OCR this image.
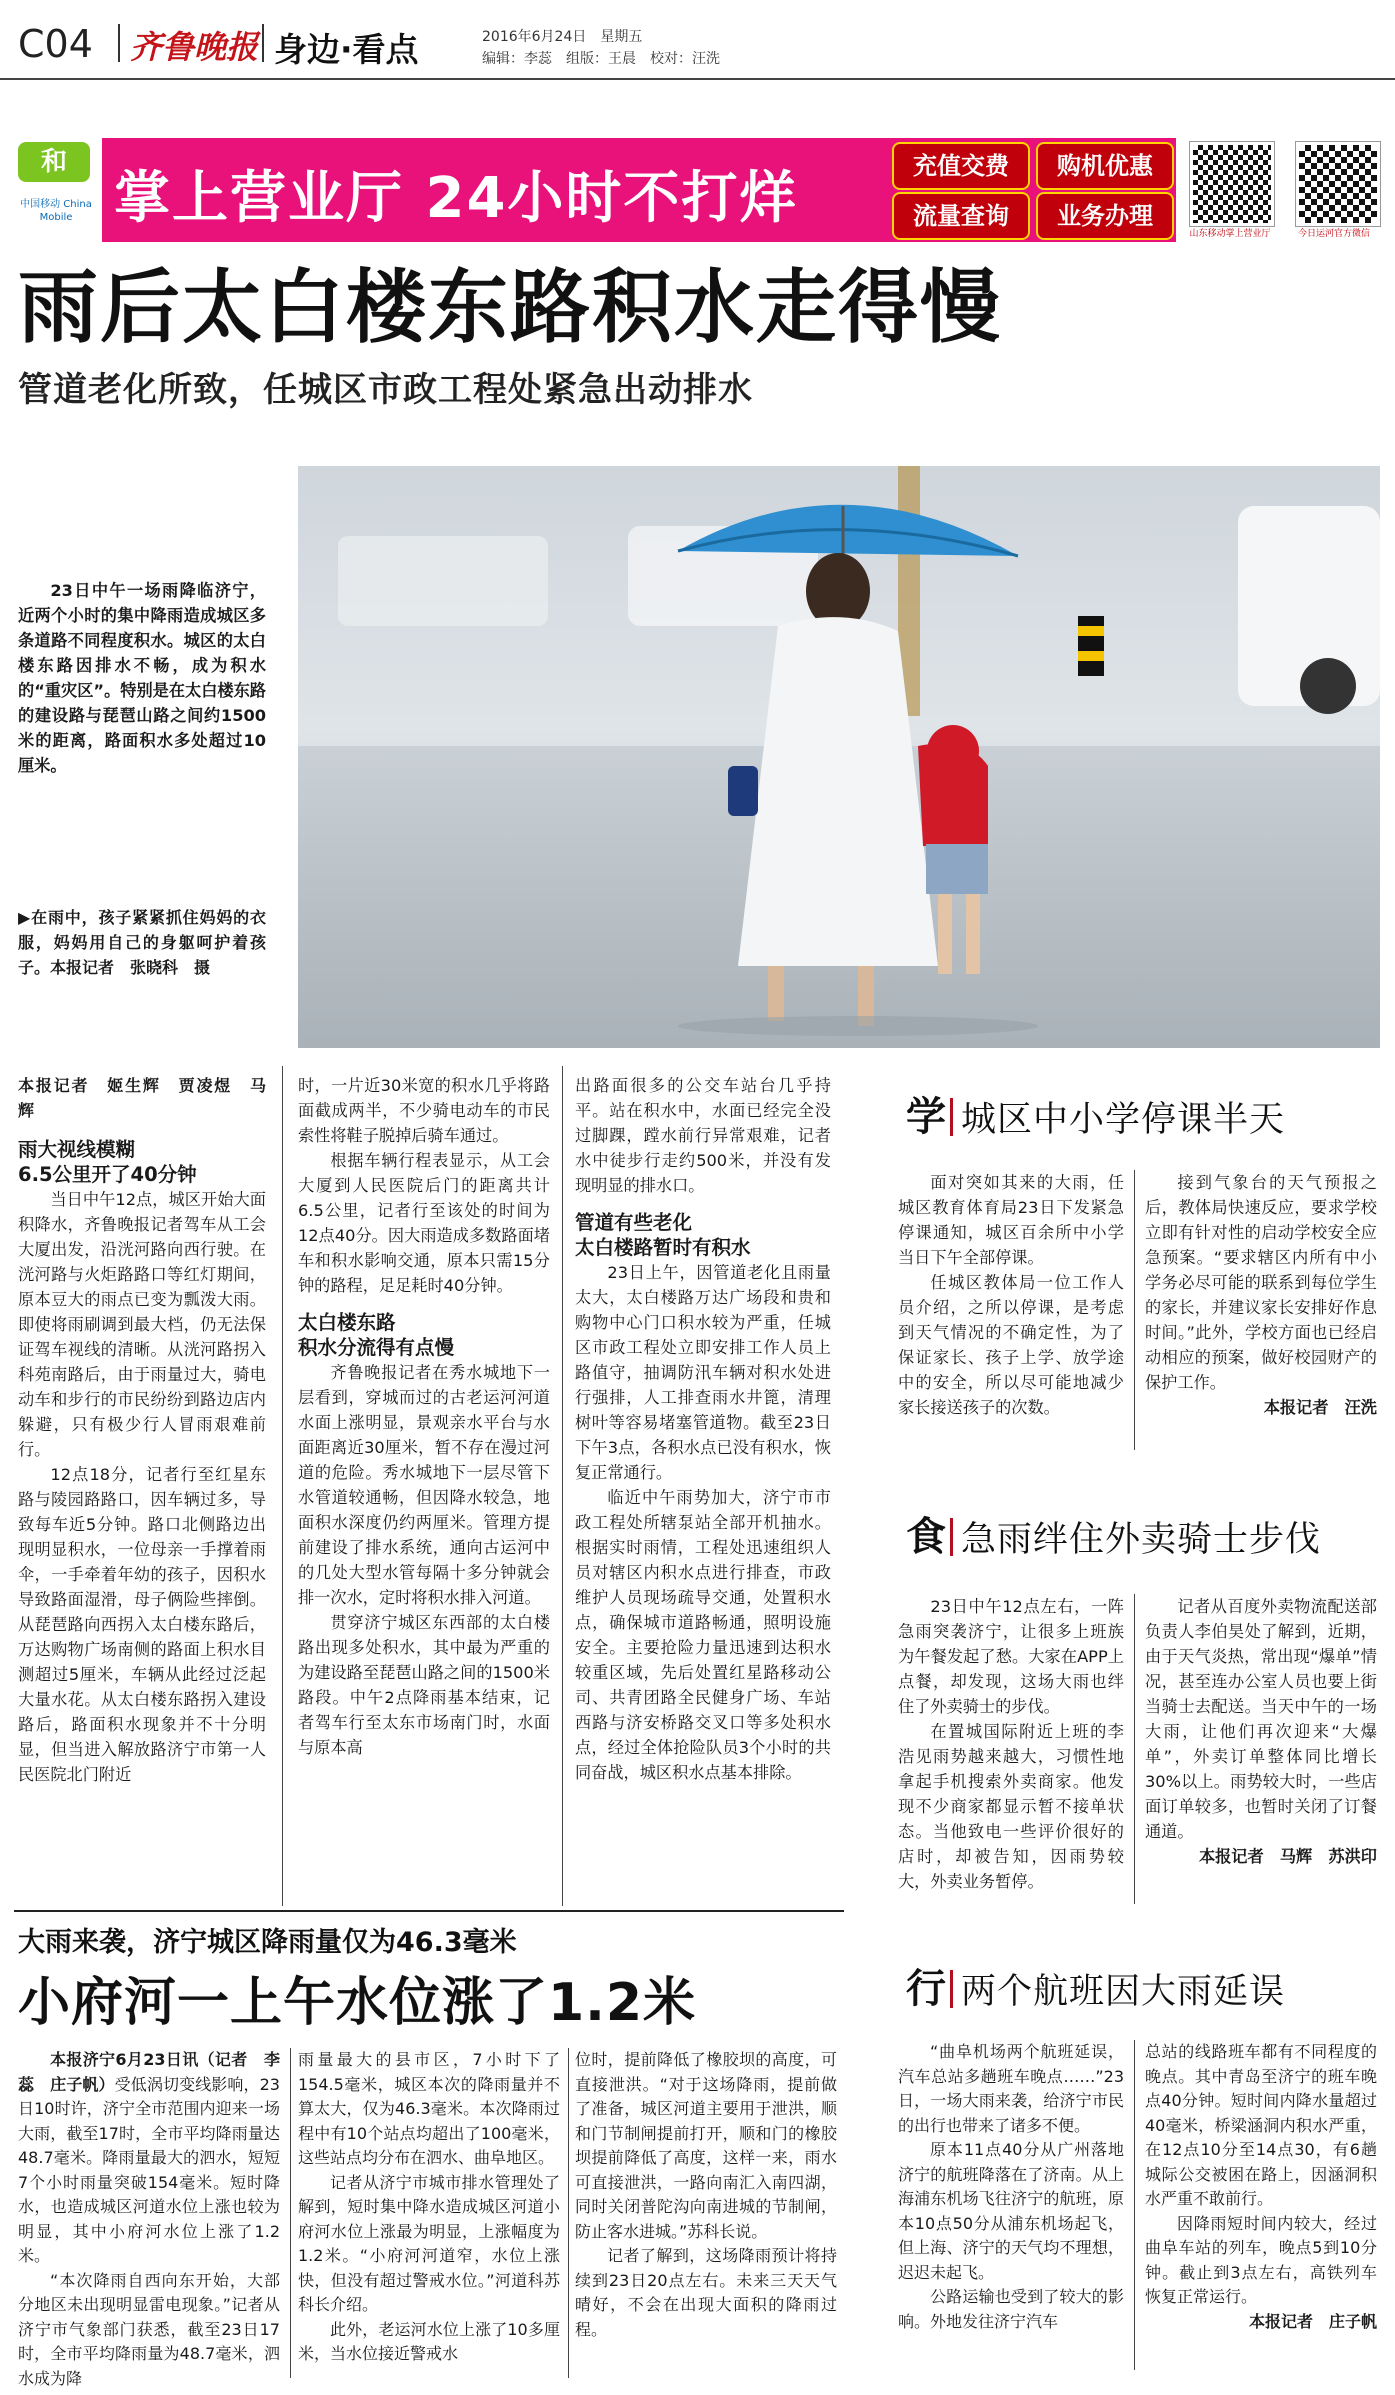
C04 齐鲁晚报 身边·看点	2016年6月24日　 星期五
编辑：李蕊　组版：王晨　校对：汪洗
和
中国移动 China Mobile 掌上营业厅 24小时不打烊	充值交费	购机优惠
流量查询	业务办理
山东移动掌上营业厅	今日运河官方微信
雨后太白楼东路积水走得慢
管道老化所致，任城区市政工程处紧急出动排水

23日中午一场雨降临济宁，近两个小时的集中降雨造成城区多条道路不同程度积水。城区的太白楼东路因排水不畅，成为积水的“重灾区”。特别是在太白楼东路的建设路与琵琶山路之间约1500米的距离，路面积水多处超过10厘米。

▶在雨中，孩子紧紧抓住妈妈的衣服，妈妈用自己的身躯呵护着孩子。本报记者　张晓科　摄

本报记者　姬生辉　贾凌煜　马　辉

雨大视线模糊
6.5公里开了40分钟

当日中午12点，城区开始大面积降水，齐鲁晚报记者驾车从工会大厦出发，沿洸河路向西行驶。在洸河路与火炬路路口等红灯期间，原本豆大的雨点已变为瓢泼大雨。即使将雨刷调到最大档，仍无法保证驾车视线的清晰。从洸河路拐入科苑南路后，由于雨量过大，骑电动车和步行的市民纷纷到路边店内躲避，只有极少行人冒雨艰难前行。

12点18分，记者行至红星东路与陵园路路口，因车辆过多，导致每车近5分钟。路口北侧路边出现明显积水，一位母亲一手撑着雨伞，一手牵着年幼的孩子，因积水导致路面湿滑，母子俩险些摔倒。从琵琶路向西拐入太白楼东路后，万达购物广场南侧的路面上积水目测超过5厘米，车辆从此经过泛起大量水花。从太白楼东路拐入建设路后，路面积水现象并不十分明显，但当进入解放路济宁市第一人民医院北门附近

时，一片近30米宽的积水几乎将路面截成两半，不少骑电动车的市民索性将鞋子脱掉后骑车通过。

根据车辆行程表显示，从工会大厦到人民医院后门的距离共计6.5公里，记者行至该处的时间为12点40分。因大雨造成多数路面堵车和积水影响交通，原本只需15分钟的路程，足足耗时40分钟。

太白楼东路
积水分流得有点慢

齐鲁晚报记者在秀水城地下一层看到，穿城而过的古老运河河道水面上涨明显，景观亲水平台与水面距离近30厘米，暂不存在漫过河道的危险。秀水城地下一层尽管下水管道较通畅，但因降水较急，地面积水深度仍约两厘米。管理方提前建设了排水系统，通向古运河中的几处大型水管每隔十多分钟就会排一次水，定时将积水排入河道。

贯穿济宁城区东西部的太白楼路出现多处积水，其中最为严重的为建设路至琵琶山路之间的1500米路段。中午2点降雨基本结束，记者驾车行至太东市场南门时，水面与原本高

出路面很多的公交车站台几乎持平。站在积水中，水面已经完全没过脚踝，蹚水前行异常艰难，记者水中徒步行走约500米，并没有发现明显的排水口。

管道有些老化
太白楼路暂时有积水

23日上午，因管道老化且雨量太大，太白楼路万达广场段和贵和购物中心门口积水较为严重，任城区市政工程处立即安排工作人员上路值守，抽调防汛车辆对积水处进行强排，人工排查雨水井篦，清理树叶等容易堵塞管道物。截至23日下午3点，各积水点已没有积水，恢复正常通行。

临近中午雨势加大，济宁市市政工程处所辖泵站全部开机抽水。根据实时雨情，工程处迅速组织人员对辖区内积水点进行排查，市政维护人员现场疏导交通，处置积水点，确保城市道路畅通，照明设施安全。主要抢险力量迅速到达积水较重区域，先后处置红星路移动公司、共青团路全民健身广场、车站西路与济安桥路交叉口等多处积水点，经过全体抢险队员3个小时的共同奋战，城区积水点基本排除。

学 城区中小学停课半天

面对突如其来的大雨，任城区教育体育局23日下发紧急停课通知，城区百余所中小学当日下午全部停课。

任城区教体局一位工作人员介绍，之所以停课，是考虑到天气情况的不确定性，为了保证家长、孩子上学、放学途中的安全，所以尽可能地减少家长接送孩子的次数。

接到气象台的天气预报之后，教体局快速反应，要求学校立即有针对性的启动学校安全应急预案。“要求辖区内所有中小学务必尽可能的联系到每位学生的家长，并建议家长安排好作息时间。”此外，学校方面也已经启动相应的预案，做好校园财产的保护工作。

本报记者　汪洗

食 急雨绊住外卖骑士步伐

23日中午12点左右，一阵急雨突袭济宁，让很多上班族为午餐发起了愁。大家在APP上点餐，却发现，这场大雨也绊住了外卖骑士的步伐。

在置城国际附近上班的李浩见雨势越来越大，习惯性地拿起手机搜索外卖商家。他发现不少商家都显示暂不接单状态。当他致电一些评价很好的店时，却被告知，因雨势较大，外卖业务暂停。

记者从百度外卖物流配送部负责人李伯昊处了解到，近期，由于天气炎热，常出现“爆单”情况，甚至连办公室人员也要上街当骑士去配送。当天中午的一场大雨，让他们再次迎来“大爆单”，外卖订单整体同比增长30%以上。雨势较大时，一些店面订单较多，也暂时关闭了订餐通道。

本报记者　马辉　苏洪印

大雨来袭，济宁城区降雨量仅为46.3毫米
小府河一上午水位涨了1.2米

本报济宁6月23日讯（记者　李蕊　庄子帆）受低涡切变线影响，23日10时许，济宁全市范围内迎来一场大雨，截至17时，全市平均降雨量达48.7毫米。降雨量最大的泗水，短短7个小时雨量突破154毫米。短时降水，也造成城区河道水位上涨也较为明显，其中小府河水位上涨了1.2米。

“本次降雨自西向东开始，大部分地区未出现明显雷电现象。”记者从济宁市气象部门获悉，截至23日17时，全市平均降雨量为48.7毫米，泗水成为降

雨量最大的县市区，7小时下了154.5毫米，城区本次的降雨量并不算太大，仅为46.3毫米。本次降雨过程中有10个站点均超出了100毫米，这些站点均分布在泗水、曲阜地区。

记者从济宁市城市排水管理处了解到，短时集中降水造成城区河道小府河水位上涨最为明显，上涨幅度为1.2米。“小府河河道窄，水位上涨快，但没有超过警戒水位。”河道科苏科长介绍。

此外，老运河水位上涨了10多厘米，当水位接近警戒水

位时，提前降低了橡胶坝的高度，可直接泄洪。“对于这场降雨，提前做了准备，城区河道主要用于泄洪，顺和门节制闸提前打开，顺和门的橡胶坝提前降低了高度，这样一来，雨水可直接泄洪，一路向南汇入南四湖，同时关闭普陀沟向南进城的节制闸，防止客水进城。”苏科长说。

记者了解到，这场降雨预计将持续到23日20点左右。未来三天天气晴好，不会在出现大面积的降雨过程。

行 两个航班因大雨延误

“曲阜机场两个航班延误，汽车总站多趟班车晚点……”23日，一场大雨来袭，给济宁市民的出行也带来了诸多不便。

原本11点40分从广州落地济宁的航班降落在了济南。从上海浦东机场飞往济宁的航班，原本10点50分从浦东机场起飞，但上海、济宁的天气均不理想，迟迟未起飞。

公路运输也受到了较大的影响。外地发往济宁汽车

总站的线路班车都有不同程度的晚点。其中青岛至济宁的班车晚点40分钟。短时间内降水量超过40毫米，桥梁涵洞内积水严重，在12点10分至14点30，有6趟城际公交被困在路上，因涵洞积水严重不敢前行。

因降雨短时间内较大，经过曲阜车站的列车，晚点5到10分钟。截止到3点左右，高铁列车恢复正常运行。

本报记者　庄子帆
